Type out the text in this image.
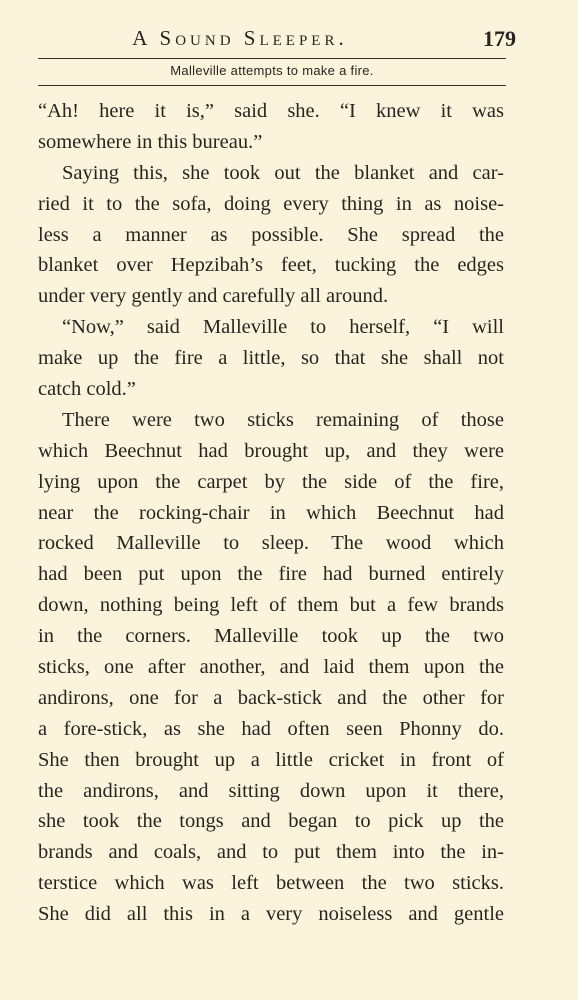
A Sound Sleeper.	179
Malleville attempts to make a fire.
“Ah! here it is,” said she. “I knew it was
somewhere in this bureau.”
Saying this, she took out the blanket and car-
ried it to the sofa, doing every thing in as noise-
less a manner as possible. She spread the
blanket over Hepzibah’s feet, tucking the edges
under very gently and carefully all around.
“Now,” said Malleville to herself, “I will
make up the fire a little, so that she shall not
catch cold.”
There were two sticks remaining of those
which Beechnut had brought up, and they were
lying upon the carpet by the side of the fire,
near the rocking-chair in which Beechnut had
rocked Malleville to sleep. The wood which
had been put upon the fire had burned entirely
down, nothing being left of them but a few brands
in the corners. Malleville took up the two
sticks, one after another, and laid them upon the
andirons, one for a back-stick and the other for
a fore-stick, as she had often seen Phonny do.
She then brought up a little cricket in front of
the andirons, and sitting down upon it there,
she took the tongs and began to pick up the
brands and coals, and to put them into the in-
terstice which was left between the two sticks.
She did all this in a very noiseless and gentle
